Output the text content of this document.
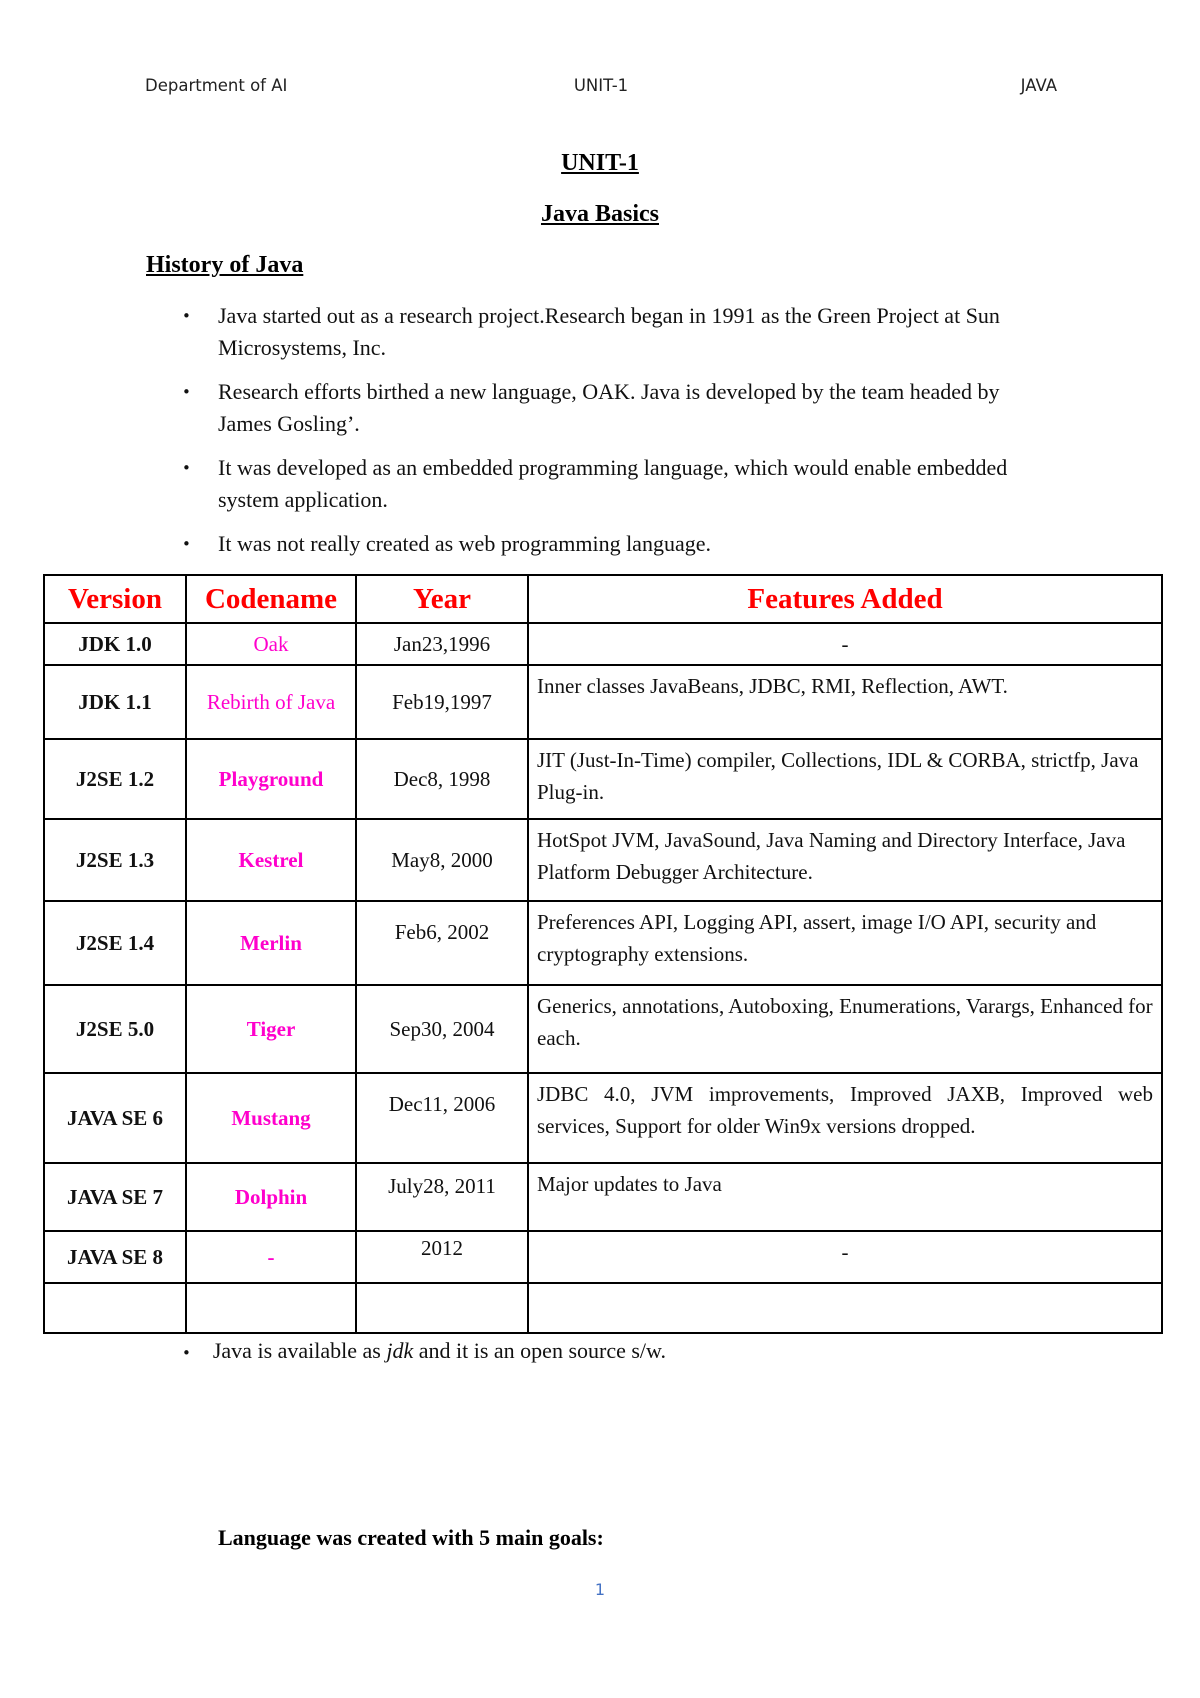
Department of AI	UNIT-1	JAVA
UNIT-1
Java Basics
History of Java
• Java started out as a research project.Research began in 1991 as the Green Project at Sun Microsystems, Inc.
• Research efforts birthed a new language, OAK. Java is developed by the team headed by James Gosling’.
• It was developed as an embedded programming language, which would enable embedded system application.
• It was not really created as web programming language.
Version	Codename	Year	Features Added
JDK 1.0	Oak	Jan23,1996	-
JDK 1.1	Rebirth of Java	Feb19,1997	Inner classes JavaBeans, JDBC, RMI, Reflection, AWT.
J2SE 1.2	Playground	Dec8, 1998	JIT (Just-In-Time) compiler, Collections, IDL & CORBA, strictfp, Java Plug-in.
J2SE 1.3	Kestrel	May8, 2000	HotSpot JVM, JavaSound, Java Naming and Directory Interface, Java Platform Debugger Architecture.
J2SE 1.4	Merlin	Feb6, 2002	Preferences API, Logging API, assert, image I/O API, security and cryptography extensions.
J2SE 5.0	Tiger	Sep30, 2004	Generics, annotations, Autoboxing, Enumerations, Varargs, Enhanced for each.
JAVA SE 6	Mustang	Dec11, 2006	JDBC 4.0, JVM improvements, Improved JAXB, Improved web services, Support for older Win9x versions dropped.
JAVA SE 7	Dolphin	July28, 2011	Major updates to Java
JAVA SE 8	-	2012	-

• Java is available as jdk and it is an open source s/w.
Language was created with 5 main goals:
1
